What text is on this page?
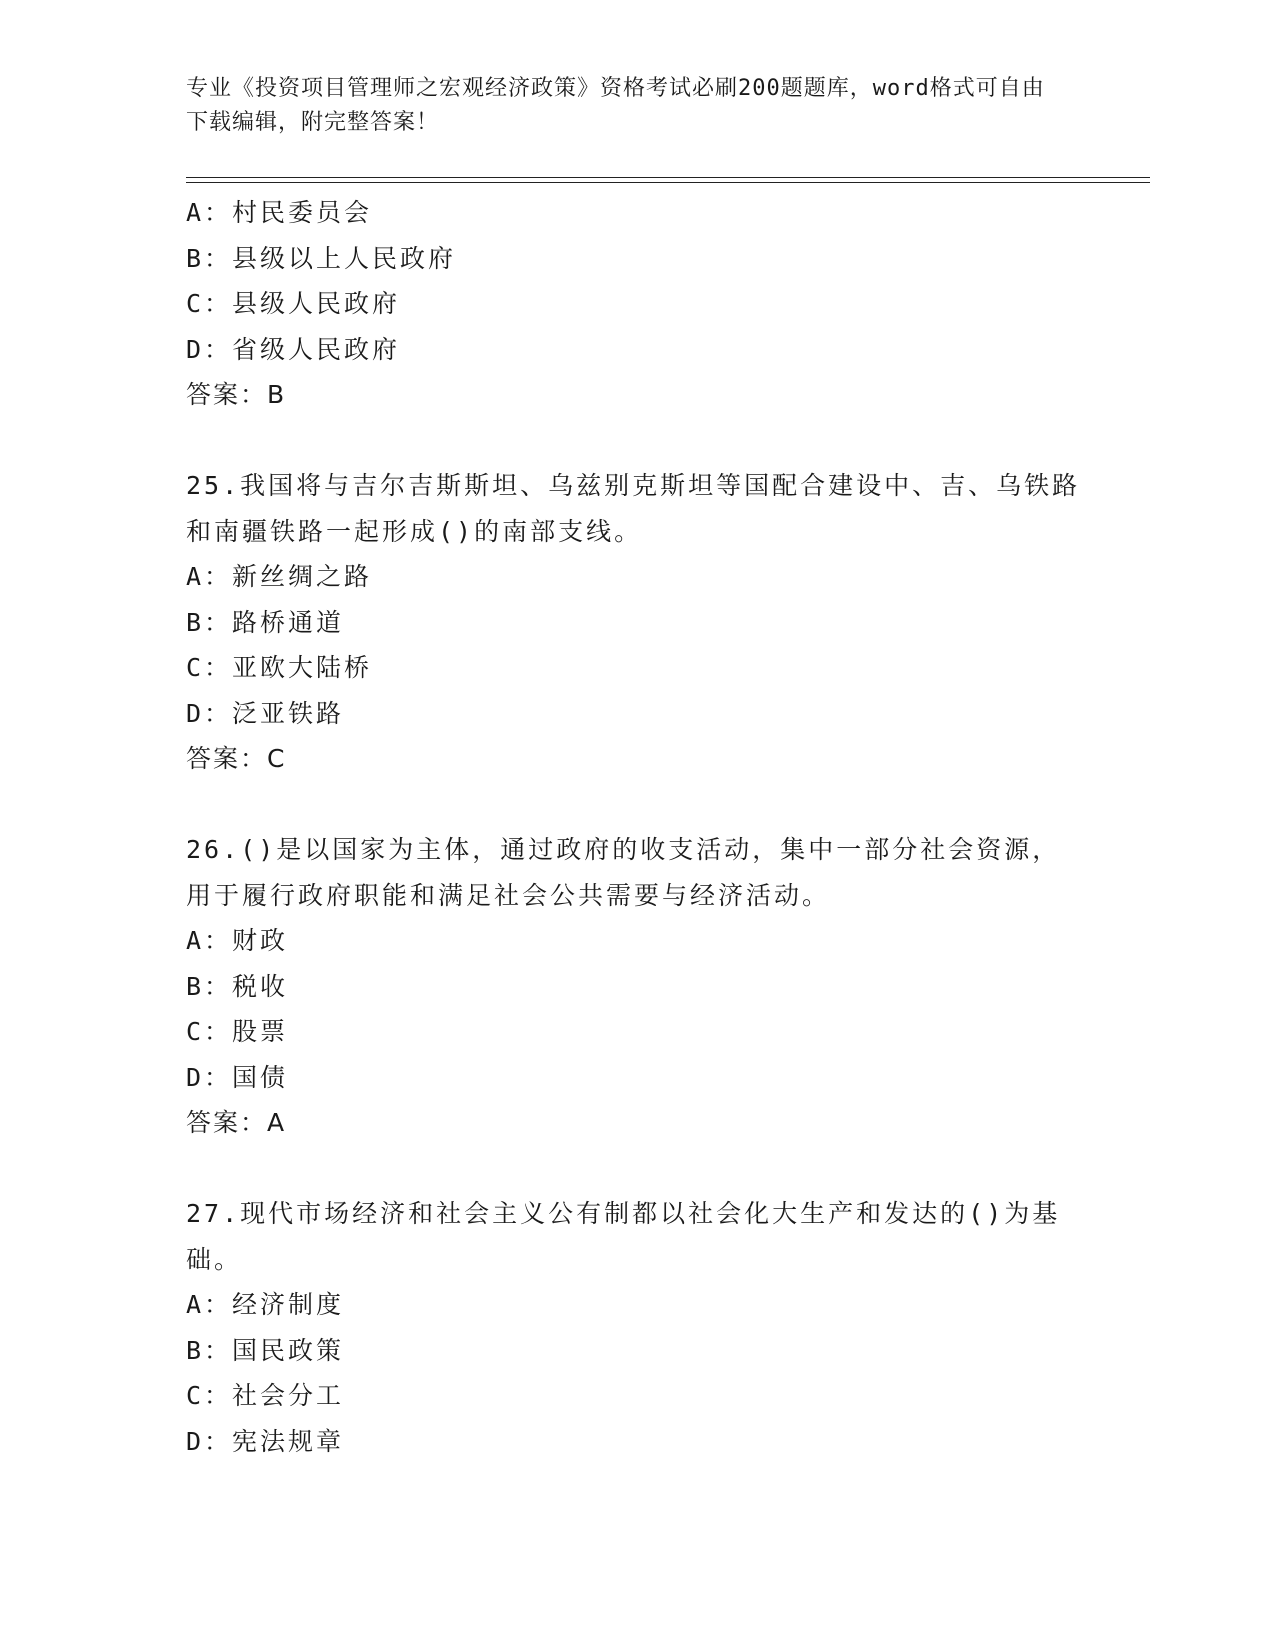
专业《投资项目管理师之宏观经济政策》资格考试必刷200题题库，word格式可自由下载编辑，附完整答案！
A：村民委员会
B：县级以上人民政府
C：县级人民政府
D：省级人民政府
答案：B
25.我国将与吉尔吉斯斯坦、乌兹别克斯坦等国配合建设中、吉、乌铁路和南疆铁路一起形成()的南部支线。
A：新丝绸之路
B：路桥通道
C：亚欧大陆桥
D：泛亚铁路
答案：C
26.()是以国家为主体，通过政府的收支活动，集中一部分社会资源，用于履行政府职能和满足社会公共需要与经济活动。
A：财政
B：税收
C：股票
D：国债
答案：A
27.现代市场经济和社会主义公有制都以社会化大生产和发达的()为基础。
A：经济制度
B：国民政策
C：社会分工
D：宪法规章
